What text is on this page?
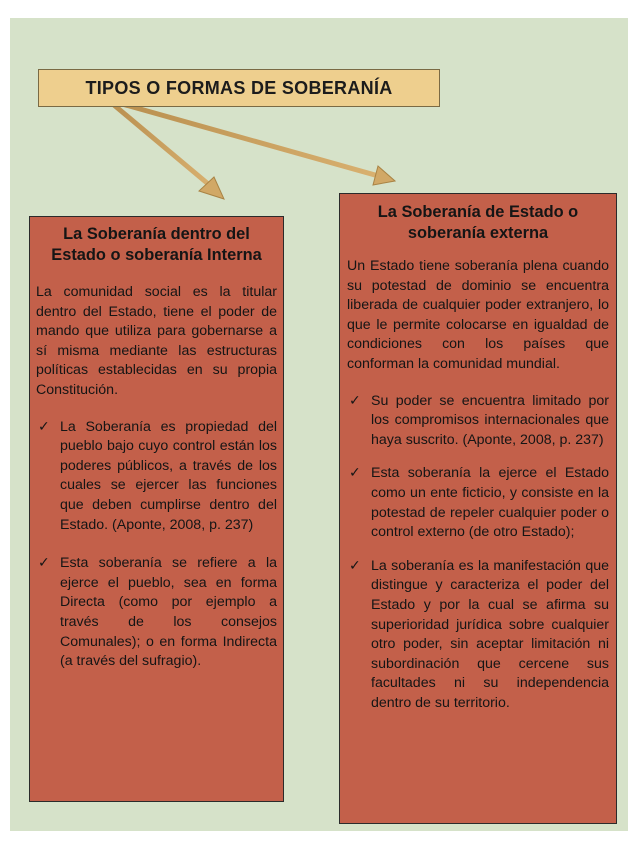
TIPOS O FORMAS DE SOBERANÍA
La Soberanía dentro del Estado o soberanía Interna
La comunidad social es la titular dentro del Estado, tiene el poder de mando que utiliza para gobernarse a sí misma mediante las estructuras políticas establecidas en su propia Constitución.
✓ La Soberanía es propiedad del pueblo bajo cuyo control están los poderes públicos, a través de los cuales se ejercer las funciones que deben cumplirse dentro del Estado. (Aponte, 2008, p. 237)
✓ Esta soberanía se refiere a la ejerce el pueblo, sea en forma Directa (como por ejemplo a través de los consejos Comunales); o en forma Indirecta (a través del sufragio).
La Soberanía de Estado o soberanía externa
Un Estado tiene soberanía plena cuando su potestad de dominio se encuentra liberada de cualquier poder extranjero, lo que le permite colocarse en igualdad de condiciones con los países que conforman la comunidad mundial.
✓ Su poder se encuentra limitado por los compromisos internacionales que haya suscrito. (Aponte, 2008, p. 237)
✓ Esta soberanía la ejerce el Estado como un ente ficticio, y consiste en la potestad de repeler cualquier poder o control externo (de otro Estado);
✓ La soberanía es la manifestación que distingue y caracteriza el poder del Estado y por la cual se afirma su superioridad jurídica sobre cualquier otro poder, sin aceptar limitación ni subordinación que cercene sus facultades ni su independencia dentro de su territorio.
